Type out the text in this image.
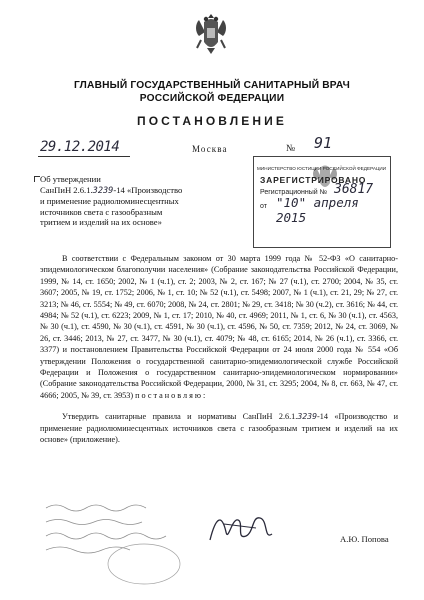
ГЛАВНЫЙ ГОСУДАРСТВЕННЫЙ САНИТАРНЫЙ ВРАЧ
РОССИЙСКОЙ ФЕДЕРАЦИИ
ПОСТАНОВЛЕНИЕ
29.12.2014	Москва	№ 91
МИНИСТЕРСТВО ЮСТИЦИИ РОССИЙСКОЙ ФЕДЕРАЦИИ
ЗАРЕГИСТРИРОВАНО
Регистрационный № 36817
от "10" апреля 2015
Об утверждении
СанПиН 2.6.1.3239-14 «Производство
и применение радиолюминесцентных
источников света с газообразным
тритием и изделий на их основе»

В соответствии с Федеральным законом от 30 марта 1999 года № 52-ФЗ «О санитарно-эпидемиологическом благополучии населения» (Собрание законодательства Российской Федерации, 1999, № 14, ст. 1650; 2002, № 1 (ч.1), ст. 2; 2003, № 2, ст. 167; № 27 (ч.1), ст. 2700; 2004, № 35, ст. 3607; 2005, № 19, ст. 1752; 2006, № 1, ст. 10; № 52 (ч.1), ст. 5498; 2007, № 1 (ч.1), ст. 21, 29; № 27, ст. 3213; № 46, ст. 5554; № 49, ст. 6070; 2008, № 24, ст. 2801; № 29, ст. 3418; № 30 (ч.2), ст. 3616; № 44, ст. 4984; № 52 (ч.1), ст. 6223; 2009, № 1, ст. 17; 2010, № 40, ст. 4969; 2011, № 1, ст. 6, № 30 (ч.1), ст. 4563, № 30 (ч.1), ст. 4590, № 30 (ч.1), ст. 4591, № 30 (ч.1), ст. 4596, № 50, ст. 7359; 2012, № 24, ст. 3069, № 26, ст. 3446; 2013, № 27, ст. 3477, № 30 (ч.1), ст. 4079; № 48, ст. 6165; 2014, № 26 (ч.1), ст. 3366, ст. 3377) и постановлением Правительства Российской Федерации от 24 июля 2000 года № 554 «Об утверждении Положения о государственной санитарно-эпидемиологической службе Российской Федерации и Положения о государственном санитарно-эпидемиологическом нормировании» (Собрание законодательства Российской Федерации, 2000, № 31, ст. 3295; 2004, № 8, ст. 663, № 47, ст. 4666; 2005, № 39, ст. 3953) постановляю:

Утвердить санитарные правила и нормативы СанПиН 2.6.1.3239-14 «Производство и применение радиолюминесцентных источников света с газообразным тритием и изделий на их основе» (приложение).

А.Ю. Попова
